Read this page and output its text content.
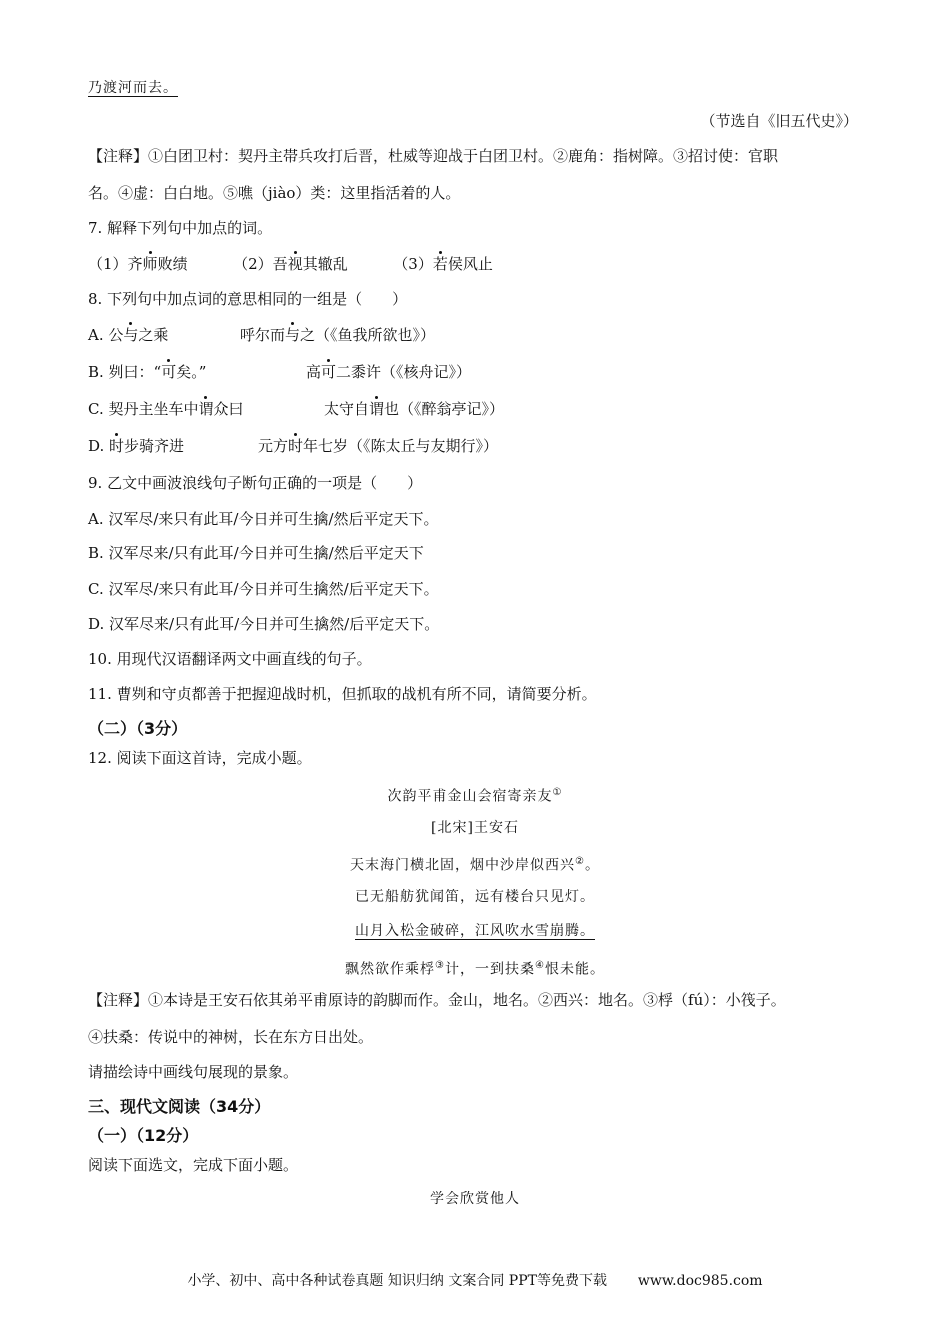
乃渡河而去。
（节选自《旧五代史》）
【注释】①白团卫村：契丹主帯兵攻打后晋，杜威等迎战于白团卫村。②鹿角：指树障。③招讨使：官职
名。④虚：白白地。⑤噍（jiào）类：这里指活着的人。
7. 解释下列句中加点的词。
（1）齐师败绩	（2）吾视其辙乱	（3）若侯风止
8. 下列句中加点词的意思相同的一组是（　　）
A. 公与之乘	呼尔而与之（《鱼我所欲也》）
B. 刿曰：“可矣。”	高可二黍许（《核舟记》）
C. 契丹主坐车中谓众曰	太守自谓也（《醉翁亭记》）
D. 时步骑齐进	元方时年七岁（《陈太丘与友期行》）
9. 乙文中画波浪线句子断句正确的一项是（　　）
A. 汉军尽/来只有此耳/今日并可生擒/然后平定天下。
B. 汉军尽来/只有此耳/今日并可生擒/然后平定天下
C. 汉军尽/来只有此耳/今日并可生擒然/后平定天下。
D. 汉军尽来/只有此耳/今日并可生擒然/后平定天下。
10. 用现代汉语翻译两文中画直线的句子。
11. 曹刿和守贞都善于把握迎战时机，但抓取的战机有所不同，请简要分析。
（二）（3分）
12. 阅读下面这首诗，完成小题。
次韵平甫金山会宿寄亲友①
[北宋]王安石
天末海门横北固，烟中沙岸似西兴②。
已无船舫犹闻笛，远有楼台只见灯。
山月入松金破碎，江风吹水雪崩腾。
飘然欲作乘桴③计，一到扶桑④恨未能。
【注释】①本诗是王安石依其弟平甫原诗的韵脚而作。金山，地名。②西兴：地名。③桴（fú）：小筏子。
④扶桑：传说中的神树，长在东方日出处。
请描绘诗中画线句展现的景象。
三、现代文阅读（34分）
（一）（12分）
阅读下面选文，完成下面小题。
学会欣赏他人
小学、初中、高中各种试卷真题 知识归纳 文案合同 PPT等免费下载 www.doc985.com
